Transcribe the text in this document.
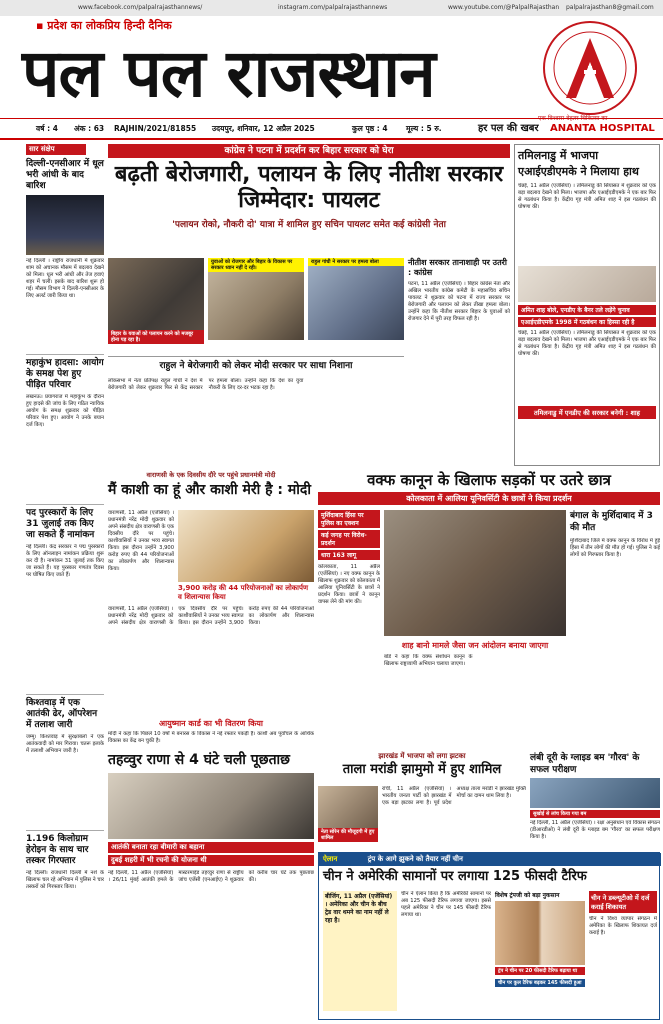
www.facebook.com/palpalrajasthannews/	instagram.com/palpalrajasthannews	www.youtube.com/@PalpalRajasthan palpalrajasthan8@gmail.com
▪ प्रदेश का लोकप्रिय हिन्दी दैनिक
पल पल राजस्थान
वर्ष : 4 अंक : 63 RAJHIN/2021/81855 उदयपुर, शनिवार, 12 अप्रैल 2025	कुल पृष्ठ : 4 मूल्य : 5 रु.	हर पल की खबर ANANTA HOSPITAL
सार संक्षेप
दिल्ली-एनसीआर में धूल भरी आंधी के बाद बारिश
नई दिल्ली । राष्ट्रीय राजधानी में शुक्रवार शाम को अचानक मौसम में बदलाव देखने को मिला। धूल भरी आंधी और तेज हवाएं शहर में चलीं। इसके बाद बारिश शुरू हो गई। मौसम विभाग ने दिल्ली-एनसीआर के लिए अलर्ट जारी किया था।
महाकुंभ हादसा: आयोग के समक्ष पेश हुए पीड़ित परिवार
लखनऊ। प्रयागराज में महाकुंभ के दौरान हुए हादसे की जांच के लिए गठित न्यायिक आयोग के समक्ष शुक्रवार को पीड़ित परिवार पेश हुए। आयोग ने उनके बयान दर्ज किए।
पद पुरस्कारों के लिए 31 जुलाई तक किए जा सकते हैं नामांकन
नई दिल्ली। केंद्र सरकार ने पद्म पुरस्कारों के लिए ऑनलाइन नामांकन प्रक्रिया शुरू कर दी है। नामांकन 31 जुलाई तक किए जा सकते हैं। यह पुरस्कार गणतंत्र दिवस पर घोषित किए जाते हैं।
किश्तवाड़ में एक आतंकी ढेर, ऑपरेशन में तलाश जारी
जम्मू। किश्तवाड़ में सुरक्षाबलों ने एक आतंकवादी को मार गिराया। चतरू इलाके में तलाशी अभियान जारी है।
1.196 किलोग्राम हेरोइन के साथ चार तस्कर गिरफ्तार
नई दिल्ली। राजधानी दिल्ली में नशे के खिलाफ चल रहे अभियान में पुलिस ने चार तस्करों को गिरफ्तार किया।
कांग्रेस ने पटना में प्रदर्शन कर बिहार सरकार को घेरा
बढ़ती बेरोजगारी, पलायन के लिए नीतीश सरकार जिम्मेदार: पायलट
'पलायन रोको, नौकरी दो' यात्रा में शामिल हुए सचिन पायलट समेत कई कांग्रेसी नेता
बिहार के यवाओं को पलायन करने को मजबूर होना पड़ रहा है।
युवाओं को रोजगार और बिहार के विकास पर सरकार ध्यान नहीं दे रही।
राहुल गांधी ने सरकार पर हमला बोला	नीतीश सरकार तानाशाही पर उतरी : कांग्रेस
पटना, 11 अप्रैल (एजेंसियां) । बिहार कांग्रेस नेता और अखिल भारतीय कांग्रेस कमेटी के महासचिव सचिन पायलट ने शुक्रवार को पटना में राज्य सरकार पर बेरोजगारी और पलायन को लेकर तीखा हमला बोला। उन्होंने कहा कि नीतीश सरकार बिहार के युवाओं को रोजगार देने में पूरी तरह विफल रही है।
राहुल ने बेरोजगारी को लेकर मोदी सरकार पर साधा निशाना
लोकसभा में नेता प्रतिपक्ष राहुल गांधी ने देश में बेरोजगारी को लेकर शुक्रवार फिर से केंद्र सरकार पर हमला बोला। उन्होंने कहा कि देश का युवा नौकरी के लिए दर-दर भटक रहा है।
तमिलनाडु में भाजपा
एआईएडीएमके ने मिलाया हाथ
चेन्नई, 11 अप्रैल (एजेंसियां) । तमिलनाडु की सियासत में शुक्रवार को एक बड़ा बदलाव देखने को मिला। भाजपा और एआईएडीएमके ने एक बार फिर से गठबंधन किया है। केंद्रीय गृह मंत्री अमित शाह ने इस गठबंधन की घोषणा की।
अमित शाह बोले, एनडीए के बैनर तले लड़ेंगे चुनाव
एआईएडीएमके 1998 में गठबंधन का हिस्सा रही है
चेन्नई, 11 अप्रैल (एजेंसियां) । तमिलनाडु की सियासत में शुक्रवार को एक बड़ा बदलाव देखने को मिला। भाजपा और एआईएडीएमके ने एक बार फिर से गठबंधन किया है। केंद्रीय गृह मंत्री अमित शाह ने इस गठबंधन की घोषणा की।
तमिलनाडु में एनडीए की सरकार बनेगी : शाह
वाराणसी के एक दिवसीय दौरे पर पहुंचे प्रधानमंत्री मोदी
मैं काशी का हूं और काशी मेरी है : मोदी
वाराणसी, 11 अप्रैल (एजेंसियां) । प्रधानमंत्री नरेंद्र मोदी शुक्रवार को अपने संसदीय क्षेत्र वाराणसी के एक दिवसीय दौरे पर पहुंचे। काशीवासियों ने उनका भव्य स्वागत किया। इस दौरान उन्होंने 3,900 करोड़ रुपए की 44 परियोजनाओं का लोकार्पण और शिलान्यास किया।
3,900 करोड़ की 44 परियोजनाओं का लोकार्पण व शिलान्यास किया
वाराणसी, 11 अप्रैल (एजेंसियां) । प्रधानमंत्री नरेंद्र मोदी शुक्रवार को अपने संसदीय क्षेत्र वाराणसी के एक दिवसीय दौरे पर पहुंचे। काशीवासियों ने उनका भव्य स्वागत किया। इस दौरान उन्होंने 3,900 करोड़ रुपए की 44 परियोजनाओं का लोकार्पण और शिलान्यास किया।
आयुष्मान कार्ड का भी वितरण किया
मोदी ने कहा कि पिछले 10 वर्षों में बनारस के विकास ने नई रफ्तार पकड़ी है। काशी अब पूर्वांचल के आर्थिक विकास का केंद्र बन चुकी है।
वक्फ कानून के खिलाफ सड़कों पर उतरे छात्र
कोलकाता में आलिया यूनिवर्सिटी के छात्रों ने किया प्रदर्शन
मुर्शिदाबाद हिंसा पर पुलिस का एक्शन
कई जगह पर विरोध-प्रदर्शन
धारा 163 लागू
कोलकाता, 11 अप्रैल (एजेंसियां) । नए वक्फ कानून के खिलाफ शुक्रवार को कोलकाता में आलिया यूनिवर्सिटी के छात्रों ने प्रदर्शन किया। छात्रों ने कानून वापस लेने की मांग की।
शाह बानो मामले जैसा जन आंदोलन बनाया जाएगा
बोर्ड ने कहा कि वक्फ संशोधन कानून के खिलाफ राष्ट्रव्यापी अभियान चलाया जाएगा।
बंगाल के मुर्शिदाबाद में 3 की मौत
मुर्शिदाबाद जिले में वक्फ कानून के विरोध में हुई हिंसा में तीन लोगों की मौत हो गई। पुलिस ने कई लोगों को गिरफ्तार किया है।
तहव्वुर राणा से 4 घंटे चली पूछताछ
आतंकी बनाता रहा बीमारी का बहाना
दुबई शहरी में भी रचनी की योजना थी
नई दिल्ली, 11 अप्रैल (एजेंसियां) । 26/11 मुंबई आतंकी हमले के मास्टरमाइंड तहव्वुर राणा से राष्ट्रीय जांच एजेंसी (एनआईए) ने शुक्रवार को करीब चार घंटे तक पूछताछ की।
झारखंड में भाजपा को लगा झटका
ताला मरांडी झामुमो में हुए शामिल
नेता सोरेन की मौजूदगी में हुए शामिल
रांची, 11 अप्रैल (एजेंसियां) । भारतीय जनता पार्टी को झारखंड में एक बड़ा झटका लगा है। पूर्व प्रदेश अध्यक्ष ताला मरांडी ने झारखंड मुक्ति मोर्चा का दामन थाम लिया है।
लंबी दूरी के ग्लाइड बम 'गौरव' के सफल परीक्षण
सुखोई से लांच किया गया बम
नई दिल्ली, 11 अप्रैल (एजेंसियां) । रक्षा अनुसंधान एवं विकास संगठन (डीआरडीओ) ने लंबी दूरी के ग्लाइड बम 'गौरव' का सफल परीक्षण किया है।
ऐलान	ट्रंप के आगे झुकने को तैयार नहीं चीन
चीन ने अमेरिकी सामानों पर लगाया 125 फीसदी टैरिफ
बीजिंग, 11 अप्रैल (एजेंसियां) । अमेरिका और चीन के बीच ट्रेड वार थमने का नाम नहीं ले रहा है।
चीन ने ऐलान किया है कि अमेरिकी सामानों पर अब 125 फीसदी टैरिफ लगाया जाएगा। इससे पहले अमेरिका ने चीन पर 145 फीसदी टैरिफ लगाया था।
विशेष ट्रंपजी को बड़ा नुकसान
ट्रंप ने चीन पर 20 फीसदी टैरिफ बढ़ाया था
चीन पर कुल टैरिफ बढ़कर 145 फीसदी हुआ
चीन ने डब्ल्यूटीओ में दर्ज कराई शिकायत
चीन ने विश्व व्यापार संगठन में अमेरिका के खिलाफ शिकायत दर्ज कराई है।
